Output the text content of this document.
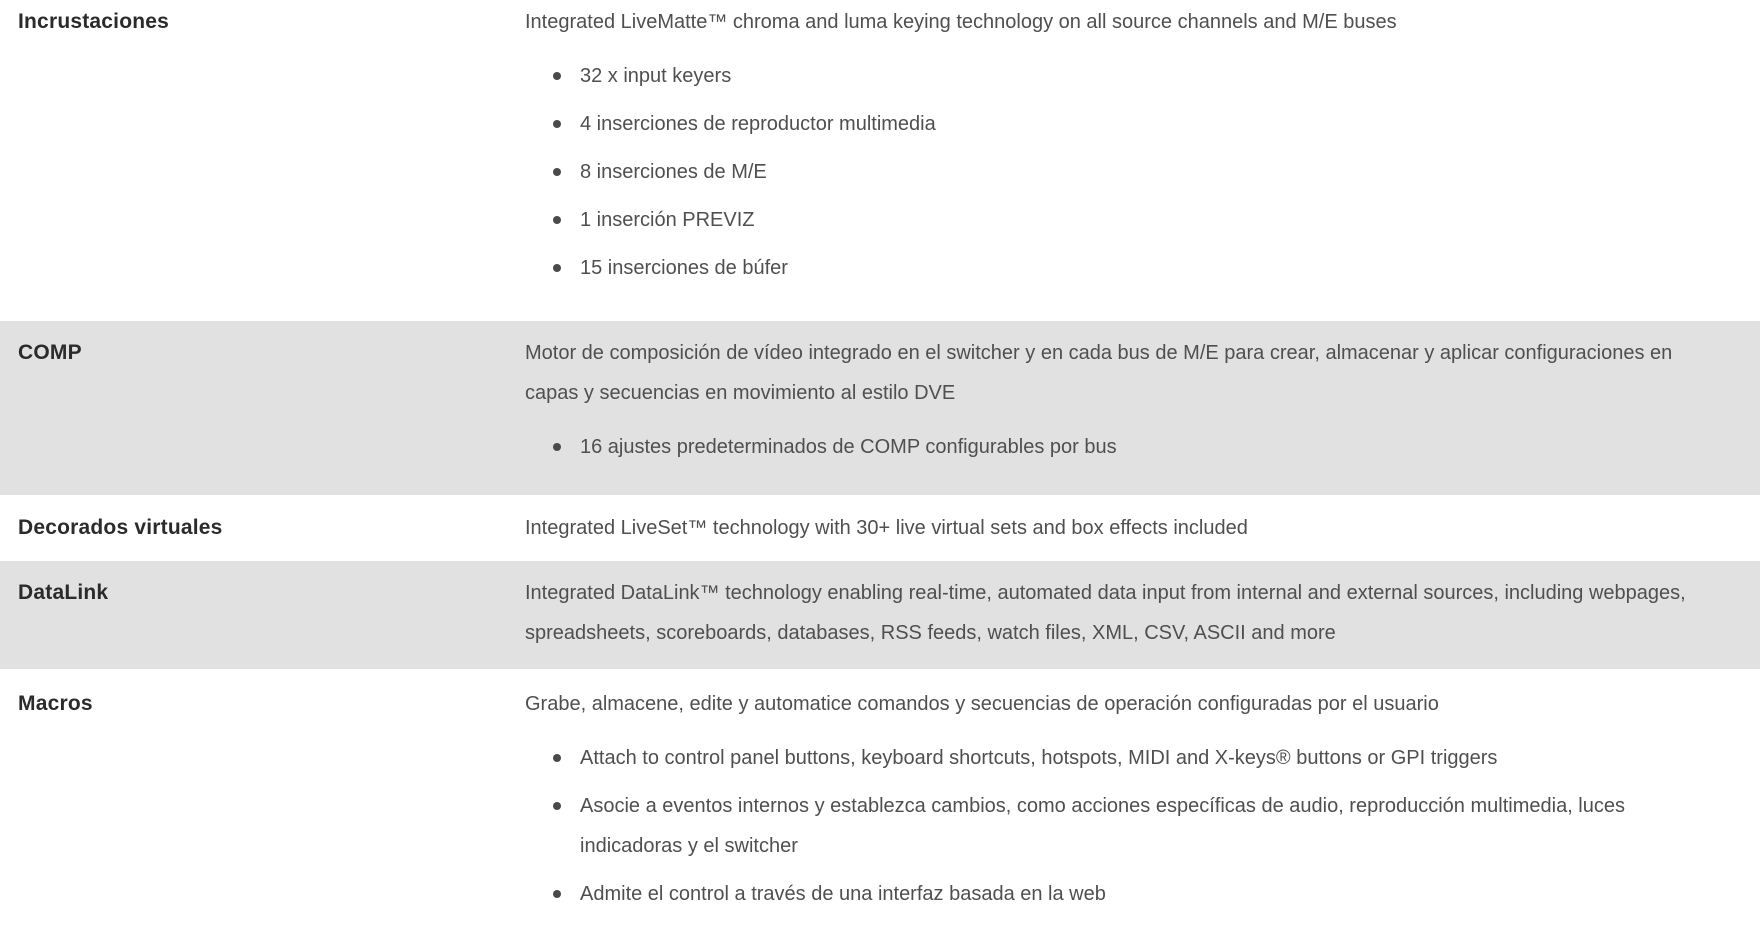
Incrustaciones	Integrated LiveMatte™ chroma and luma keying technology on all source channels and M/E buses

32 x input keyers
4 inserciones de reproductor multimedia
8 inserciones de M/E
1 inserción PREVIZ
15 inserciones de búfer
COMP	Motor de composición de vídeo integrado en el switcher y en cada bus de M/E para crear, almacenar y aplicar configuraciones en capas y secuencias en movimiento al estilo DVE

16 ajustes predeterminados de COMP configurables por bus
Decorados virtuales	Integrated LiveSet™ technology with 30+ live virtual sets and box effects included

DataLink	Integrated DataLink™ technology enabling real-time, automated data input from internal and external sources, including webpages, spreadsheets, scoreboards, databases, RSS feeds, watch files, XML, CSV, ASCII and more

Macros	Grabe, almacene, edite y automatice comandos y secuencias de operación configuradas por el usuario

Attach to control panel buttons, keyboard shortcuts, hotspots, MIDI and X-keys® buttons or GPI triggers
Asocie a eventos internos y establezca cambios, como acciones específicas de audio, reproducción multimedia, luces indicadoras y el switcher
Admite el control a través de una interfaz basada en la web
